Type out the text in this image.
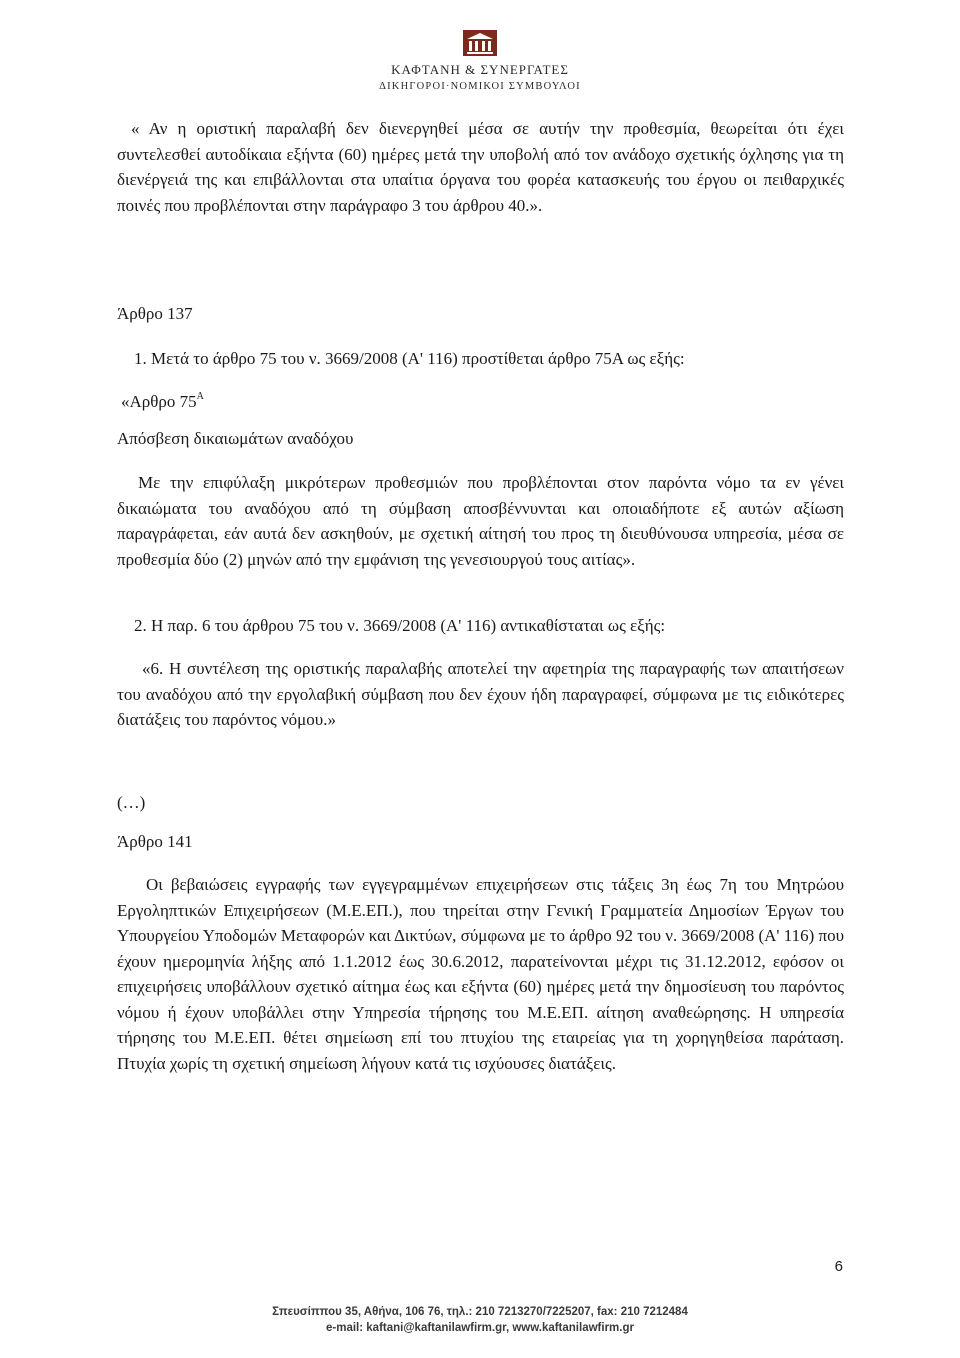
ΚΑΦΤΑΝΗ & ΣΥΝΕΡΓΑΤΕΣ
ΔΙΚΗΓΟΡΟΙ·ΝΟΜΙΚΟΙ ΣΥΜΒΟΥΛΟΙ

« Αν η οριστική παραλαβή δεν διενεργηθεί μέσα σε αυτήν την προθεσμία, θεωρείται ότι έχει συντελεσθεί αυτοδίκαια εξήντα (60) ημέρες μετά την υποβολή από τον ανάδοχο σχετικής όχλησης για τη διενέργειά της και επιβάλλονται στα υπαίτια όργανα του φορέα κατασκευής του έργου οι πειθαρχικές ποινές που προβλέπονται στην παράγραφο 3 του άρθρου 40.».

Άρθρο 137

1. Μετά το άρθρο 75 του ν. 3669/2008 (Α' 116) προστίθεται άρθρο 75Α ως εξής:

«Αρθρο $75^A$

Απόσβεση δικαιωμάτων αναδόχου

Με την επιφύλαξη μικρότερων προθεσμιών που προβλέπονται στον παρόντα νόμο τα εν γένει δικαιώματα του αναδόχου από τη σύμβαση αποσβέννυνται και οποιαδήποτε εξ αυτών αξίωση παραγράφεται, εάν αυτά δεν ασκηθούν, με σχετική αίτησή του προς τη διευθύνουσα υπηρεσία, μέσα σε προθεσμία δύο (2) μηνών από την εμφάνιση της γενεσιουργού τους αιτίας».

2. Η παρ. 6 του άρθρου 75 του ν. 3669/2008 (Α' 116) αντικαθίσταται ως εξής:

«6. Η συντέλεση της οριστικής παραλαβής αποτελεί την αφετηρία της παραγραφής των απαιτήσεων του αναδόχου από την εργολαβική σύμβαση που δεν έχουν ήδη παραγραφεί, σύμφωνα με τις ειδικότερες διατάξεις του παρόντος νόμου.»

(…)

Άρθρο 141

Οι βεβαιώσεις εγγραφής των εγγεγραμμένων επιχειρήσεων στις τάξεις 3η έως 7η του Μητρώου Εργοληπτικών Επιχειρήσεων (Μ.Ε.ΕΠ.), που τηρείται στην Γενική Γραμματεία Δημοσίων Έργων του Υπουργείου Υποδομών Μεταφορών και Δικτύων, σύμφωνα με το άρθρο 92 του ν. 3669/2008 (Α' 116) που έχουν ημερομηνία λήξης από 1.1.2012 έως 30.6.2012, παρατείνονται μέχρι τις 31.12.2012, εφόσον οι επιχειρήσεις υποβάλλουν σχετικό αίτημα έως και εξήντα (60) ημέρες μετά την δημοσίευση του παρόντος νόμου ή έχουν υποβάλλει στην Υπηρεσία τήρησης του Μ.Ε.ΕΠ. αίτηση αναθεώρησης. Η υπηρεσία τήρησης του Μ.Ε.ΕΠ. θέτει σημείωση επί του πτυχίου της εταιρείας για τη χορηγηθείσα παράταση. Πτυχία χωρίς τη σχετική σημείωση λήγουν κατά τις ισχύουσες διατάξεις.

6
Σπευσίππου 35, Αθήνα, 106 76, τηλ.: 210 7213270/7225207, fax: 210 7212484
e-mail: kaftani@kaftanilawfirm.gr, www.kaftanilawfirm.gr
